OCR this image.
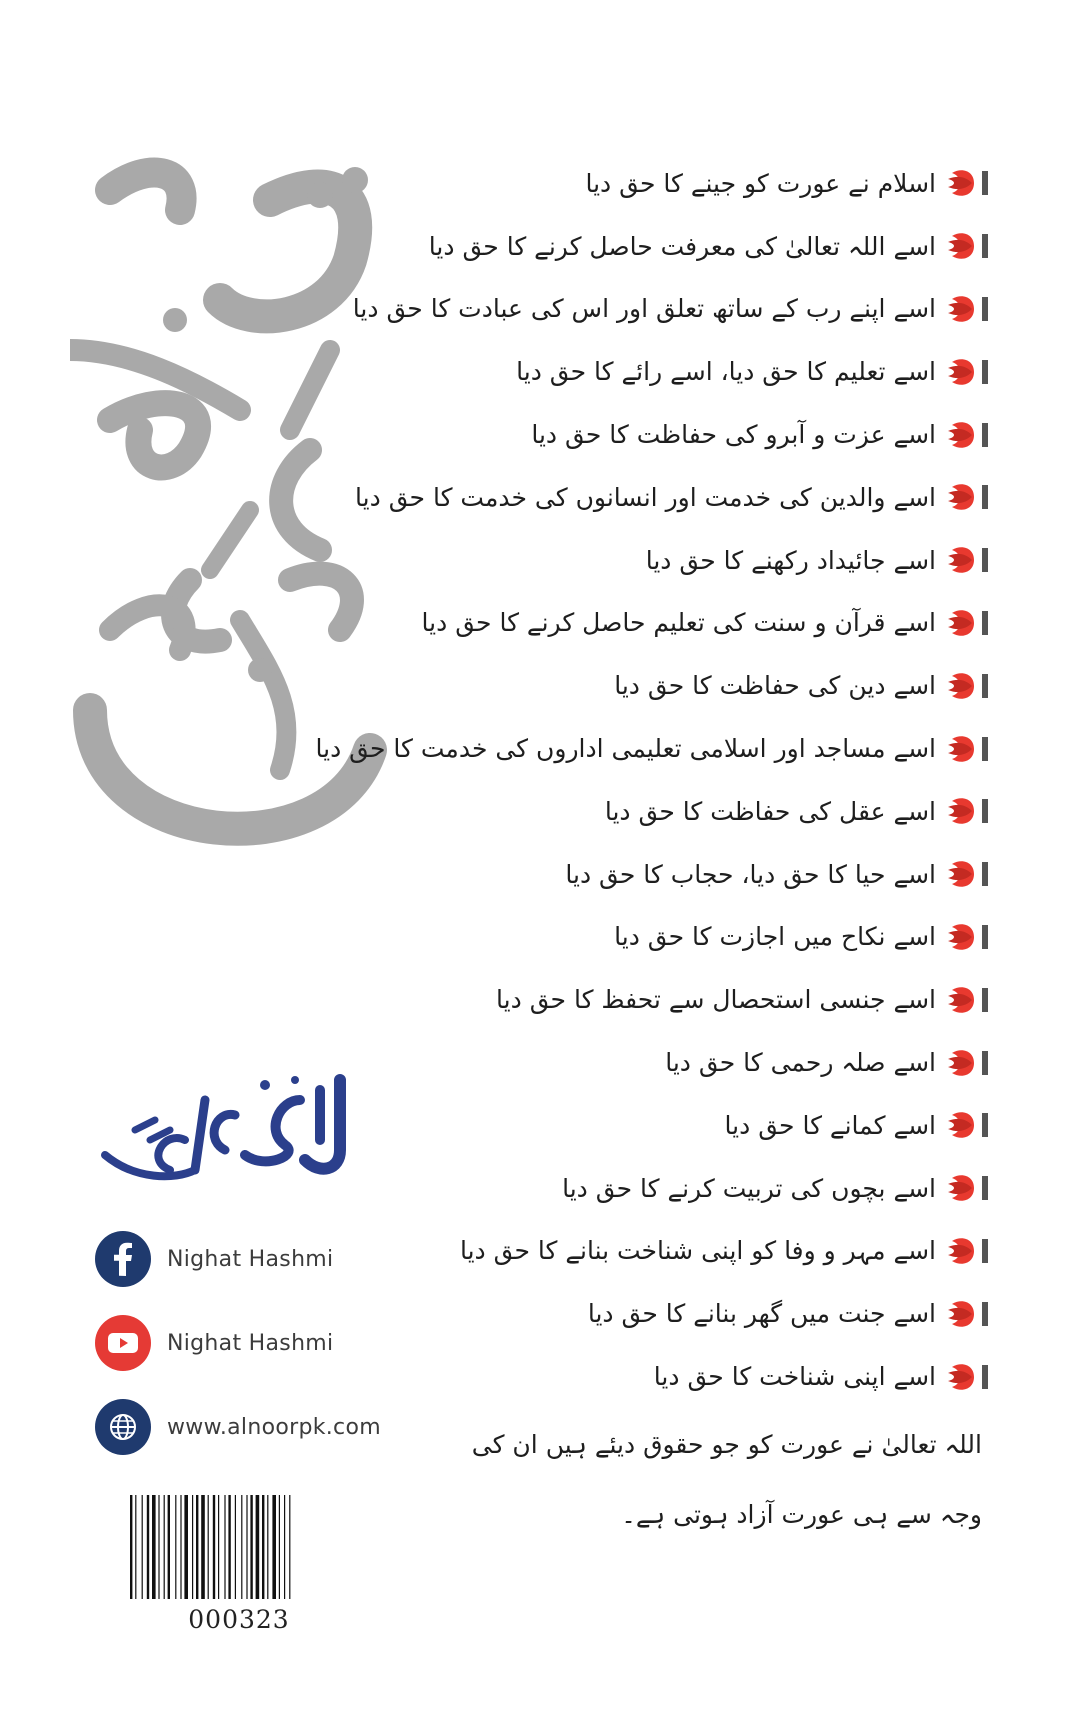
Nighat Hashmi
Nighat Hashmi
www.alnoorpk.com
000323
اسلام نے عورت کو جینے کا حق دیا
اسے اللہ تعالیٰ کی معرفت حاصل کرنے کا حق دیا
اسے اپنے رب کے ساتھ تعلق اور اس کی عبادت کا حق دیا
اسے تعلیم کا حق دیا، اسے رائے کا حق دیا
اسے عزت و آبرو کی حفاظت کا حق دیا
اسے والدین کی خدمت اور انسانوں کی خدمت کا حق دیا
اسے جائیداد رکھنے کا حق دیا
اسے قرآن و سنت کی تعلیم حاصل کرنے کا حق دیا
اسے دین کی حفاظت کا حق دیا
اسے مساجد اور اسلامی تعلیمی اداروں کی خدمت کا حق دیا
اسے عقل کی حفاظت کا حق دیا
اسے حیا کا حق دیا، حجاب کا حق دیا
اسے نکاح میں اجازت کا حق دیا
اسے جنسی استحصال سے تحفظ کا حق دیا
اسے صلہ رحمی کا حق دیا
اسے کمانے کا حق دیا
اسے بچوں کی تربیت کرنے کا حق دیا
اسے مہر و وفا کو اپنی شناخت بنانے کا حق دیا
اسے جنت میں گھر بنانے کا حق دیا
اسے اپنی شناخت کا حق دیا
اللہ تعالیٰ نے عورت کو جو حقوق دیئے ہیں ان کی
وجہ سے ہی عورت آزاد ہوتی ہے۔
